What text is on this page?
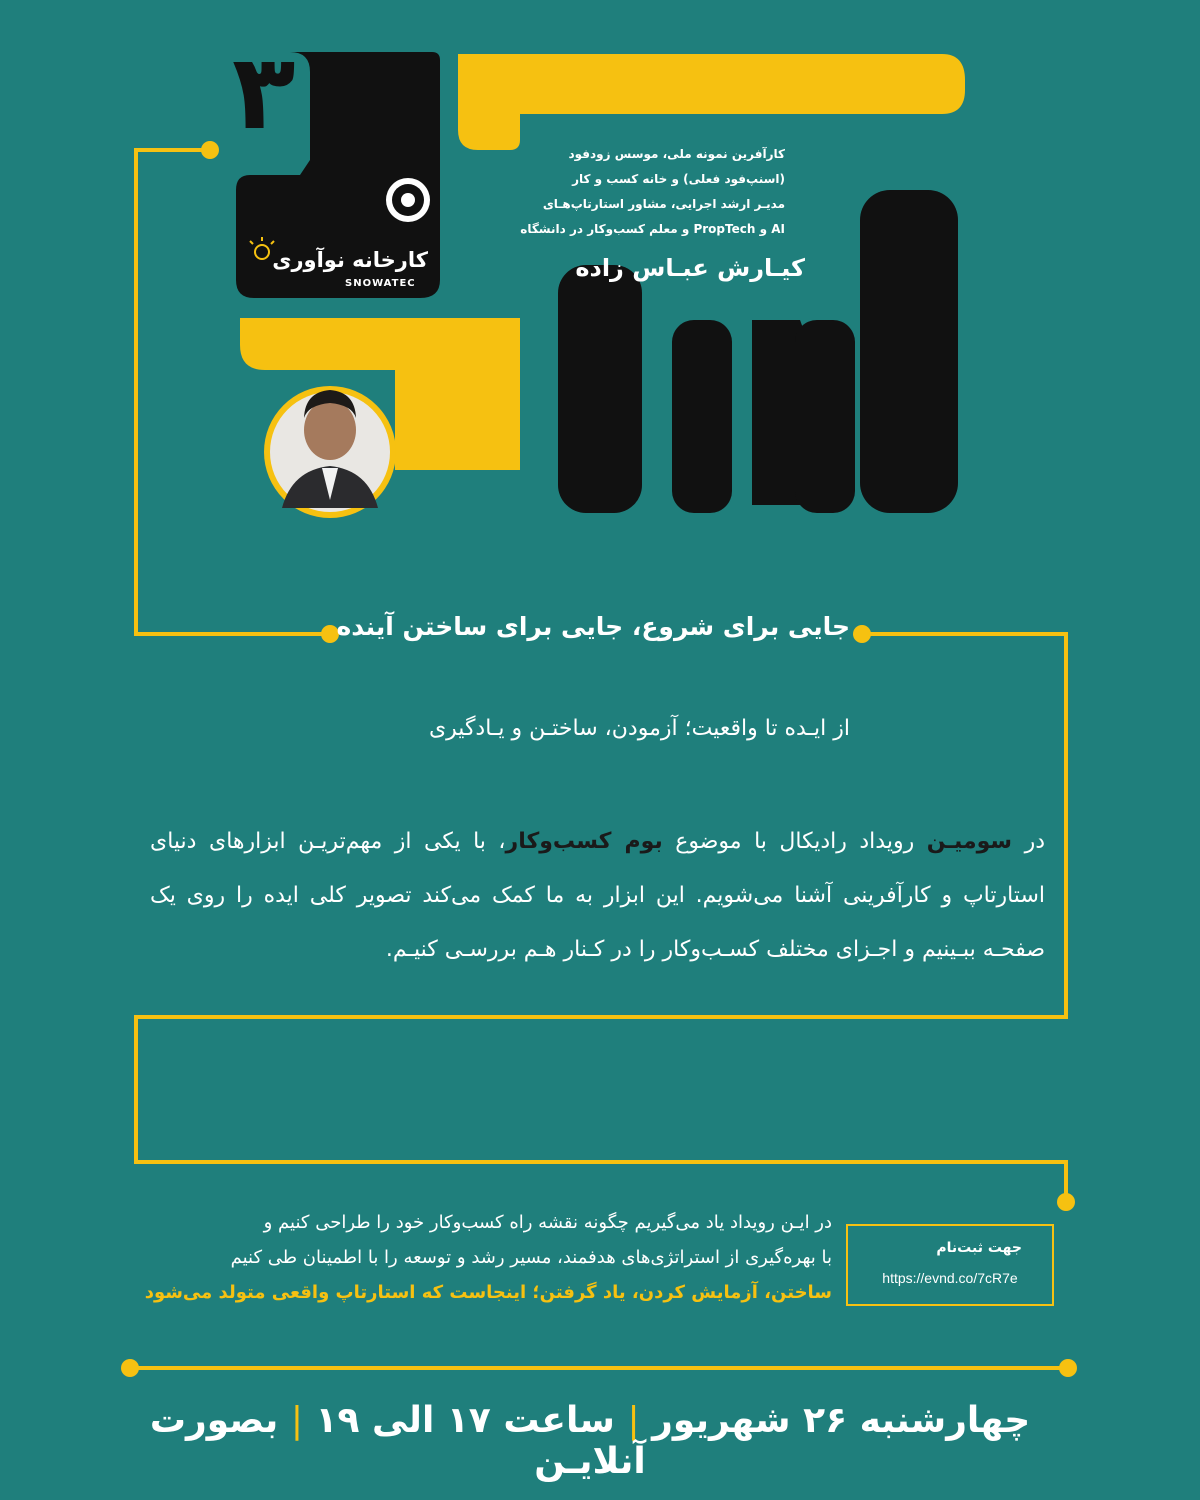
۳
کارآفرین نمونه ملی، موسس زودفود
(اسنپ‌فود فعلی) و خانه کسب و کار
مدیـر ارشد اجرایی، مشاور استارتاپ‌هـای
AI و PropTech و معلم کسب‌وکار در دانشگاه
کیـارش عبـاس زاده
کارخانه نوآوری
SNOWATEC
جایی برای شروع، جایی برای ساختن آینده
از ایـده تا واقعیت؛ آزمودن، ساختـن و یـادگیری
در سومیـن رویداد رادیکال با موضوع بوم کسب‌وکار، با یکی از مهم‌تریـن ابزارهای دنیای استارتاپ و کارآفرینی آشنا می‌شویم. این ابزار به ما کمک می‌کند تصویر کلی ایده را روی یک صفحـه ببـینیم و اجـزای مختلف کسـب‌وکار را در کـنار هـم بررسـی کنیـم.
در ایـن رویداد یاد می‌گیریم چگونه نقشه راه کسب‌وکار خود را طراحی کنیم و
با بهره‌گیری از استراتژی‌های هدفمند، مسیر رشد و توسعه را با اطمینان طی کنیم
ساختن، آزمایش کردن، یاد گرفتن؛ اینجاست که استارتاپ واقعی متولد می‌شود
جهت ثبت‌نام
https://evnd.co/7cR7e
چهارشنبه ۲۶ شهریور | ساعت ۱۷ الی ۱۹ | بصورت آنلایـن
